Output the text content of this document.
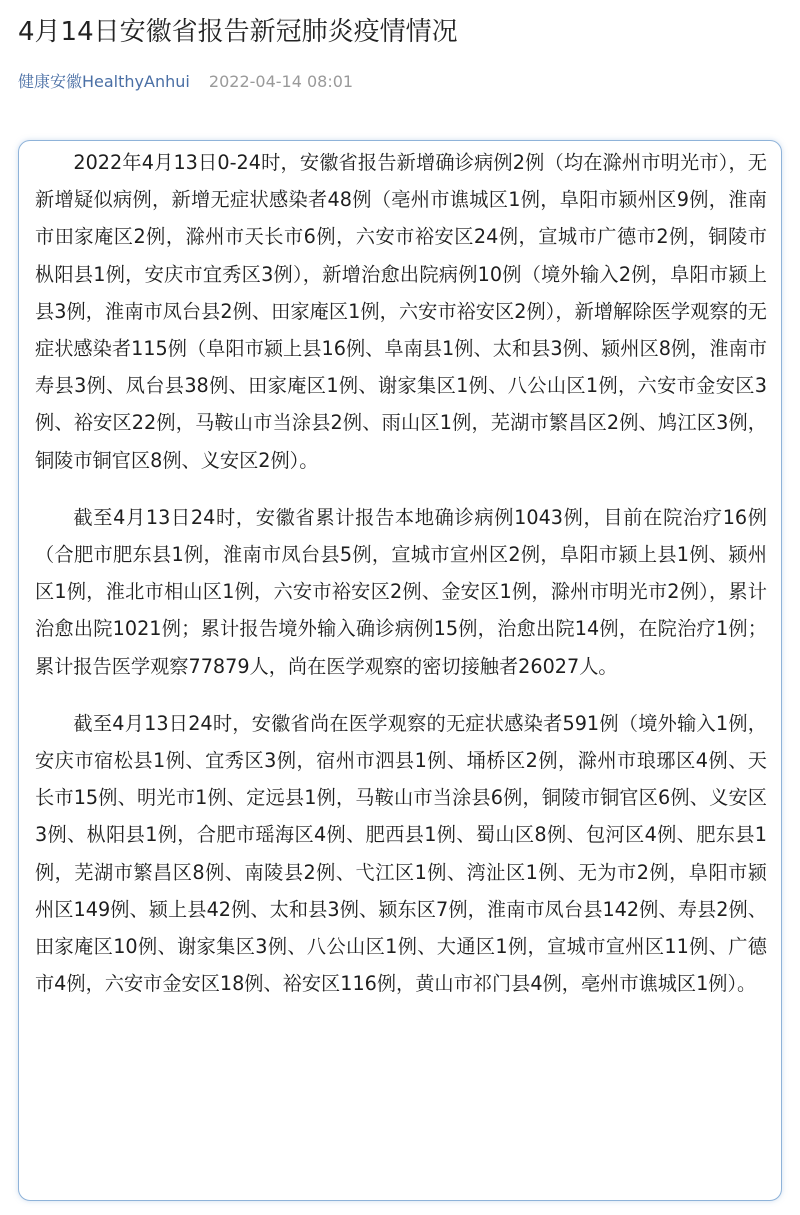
4月14日安徽省报告新冠肺炎疫情情况
健康安徽HealthyAnhui 2022-04-14 08:01

2022年4月13日0-24时，安徽省报告新增确诊病例2例（均在滁州市明光市），无新增疑似病例，新增无症状感染者48例（亳州市谯城区1例，阜阳市颍州区9例，淮南市田家庵区2例，滁州市天长市6例，六安市裕安区24例，宣城市广德市2例，铜陵市枞阳县1例，安庆市宜秀区3例），新增治愈出院病例10例（境外输入2例，阜阳市颍上县3例，淮南市凤台县2例、田家庵区1例，六安市裕安区2例），新增解除医学观察的无症状感染者115例（阜阳市颍上县16例、阜南县1例、太和县3例、颍州区8例，淮南市寿县3例、凤台县38例、田家庵区1例、谢家集区1例、八公山区1例，六安市金安区3例、裕安区22例，马鞍山市当涂县2例、雨山区1例，芜湖市繁昌区2例、鸠江区3例，铜陵市铜官区8例、义安区2例）。

截至4月13日24时，安徽省累计报告本地确诊病例1043例，目前在院治疗16例（合肥市肥东县1例，淮南市凤台县5例，宣城市宣州区2例，阜阳市颍上县1例、颍州区1例，淮北市相山区1例，六安市裕安区2例、金安区1例，滁州市明光市2例），累计治愈出院1021例；累计报告境外输入确诊病例15例，治愈出院14例，在院治疗1例；累计报告医学观察77879人，尚在医学观察的密切接触者26027人。

截至4月13日24时，安徽省尚在医学观察的无症状感染者591例（境外输入1例，安庆市宿松县1例、宜秀区3例，宿州市泗县1例、埇桥区2例，滁州市琅琊区4例、天长市15例、明光市1例、定远县1例，马鞍山市当涂县6例，铜陵市铜官区6例、义安区3例、枞阳县1例，合肥市瑶海区4例、肥西县1例、蜀山区8例、包河区4例、肥东县1例，芜湖市繁昌区8例、南陵县2例、弋江区1例、湾沚区1例、无为市2例，阜阳市颍州区149例、颍上县42例、太和县3例、颍东区7例，淮南市凤台县142例、寿县2例、田家庵区10例、谢家集区3例、八公山区1例、大通区1例，宣城市宣州区11例、广德市4例，六安市金安区18例、裕安区116例，黄山市祁门县4例，亳州市谯城区1例）。
